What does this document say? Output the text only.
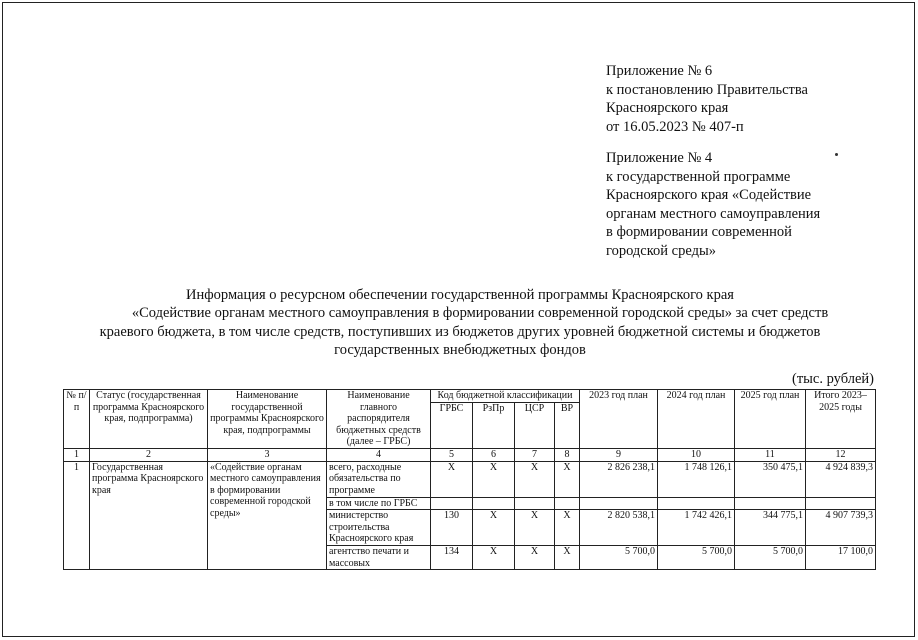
Приложение № 6
к постановлению Правительства
Красноярского края
от 16.05.2023 № 407-п
Приложение № 4
к государственной программе
Красноярского края «Содействие
органам местного самоуправления
в формировании современной
городской среды»
Информация о ресурсном обеспечении государственной программы Красноярского края
«Содействие органам местного самоуправления в формировании современной городской среды» за счет средств
краевого бюджета, в том числе средств, поступивших из бюджетов других уровней бюджетной системы и бюджетов
государственных внебюджетных фондов
(тыс. рублей)
№ п/п	Статус (государственная программа Красноярского края, подпрограмма)	Наименование государственной программы Красноярского края, подпрограммы	Наименование главного распорядителя бюджетных средств (далее – ГРБС)	Код бюджетной классификации				2023 год план	2024 год план	2025 год план	Итого 2023–2025 годы
				ГРБС	РзПр	ЦСР	ВР				
1	2	3	4	5	6	7	8	9	10	11	12
1	Государственная программа Красноярского края	«Содействие органам местного самоуправления в формировании современной городской среды»	всего, расходные обязательства по программе	Х	Х	Х	Х	2 826 238,1	1 748 126,1	350 475,1	4 924 839,3
			в том числе по ГРБС								
			министерство строительства Красноярского края	130	Х	Х	Х	2 820 538,1	1 742 426,1	344 775,1	4 907 739,3
			агентство печати и массовых	134	Х	Х	Х	5 700,0	5 700,0	5 700,0	17 100,0
